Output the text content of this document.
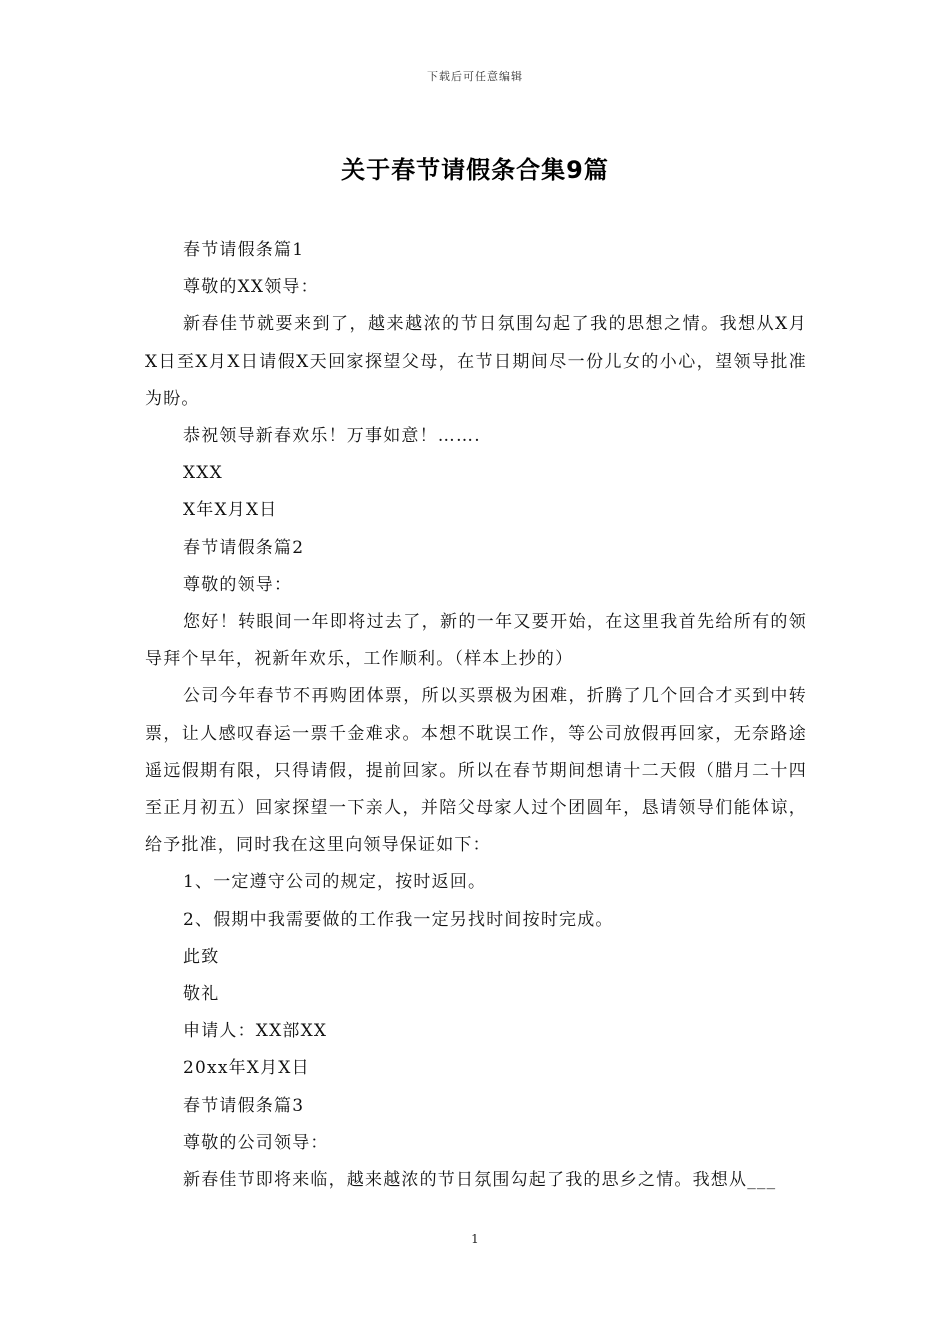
下载后可任意编辑
关于春节请假条合集9篇

春节请假条篇1

尊敬的XX领导：

新春佳节就要来到了，越来越浓的节日氛围勾起了我的思想之情。我想从X月X日至X月X日请假X天回家探望父母，在节日期间尽一份儿女的小心，望领导批准为盼。

恭祝领导新春欢乐！万事如意！…….

XXX

X年X月X日

春节请假条篇2

尊敬的领导：

您好！转眼间一年即将过去了，新的一年又要开始，在这里我首先给所有的领导拜个早年，祝新年欢乐，工作顺利。（样本上抄的）

公司今年春节不再购团体票，所以买票极为困难，折腾了几个回合才买到中转票，让人感叹春运一票千金难求。本想不耽误工作，等公司放假再回家，无奈路途遥远假期有限，只得请假，提前回家。所以在春节期间想请十二天假（腊月二十四至正月初五）回家探望一下亲人，并陪父母家人过个团圆年，恳请领导们能体谅，给予批准，同时我在这里向领导保证如下：

1、一定遵守公司的规定，按时返回。

2、假期中我需要做的工作我一定另找时间按时完成。

此致

敬礼

申请人：XX部XX

20xx年X月X日

春节请假条篇3

尊敬的公司领导：

新春佳节即将来临，越来越浓的节日氛围勾起了我的思乡之情。我想从___

1
